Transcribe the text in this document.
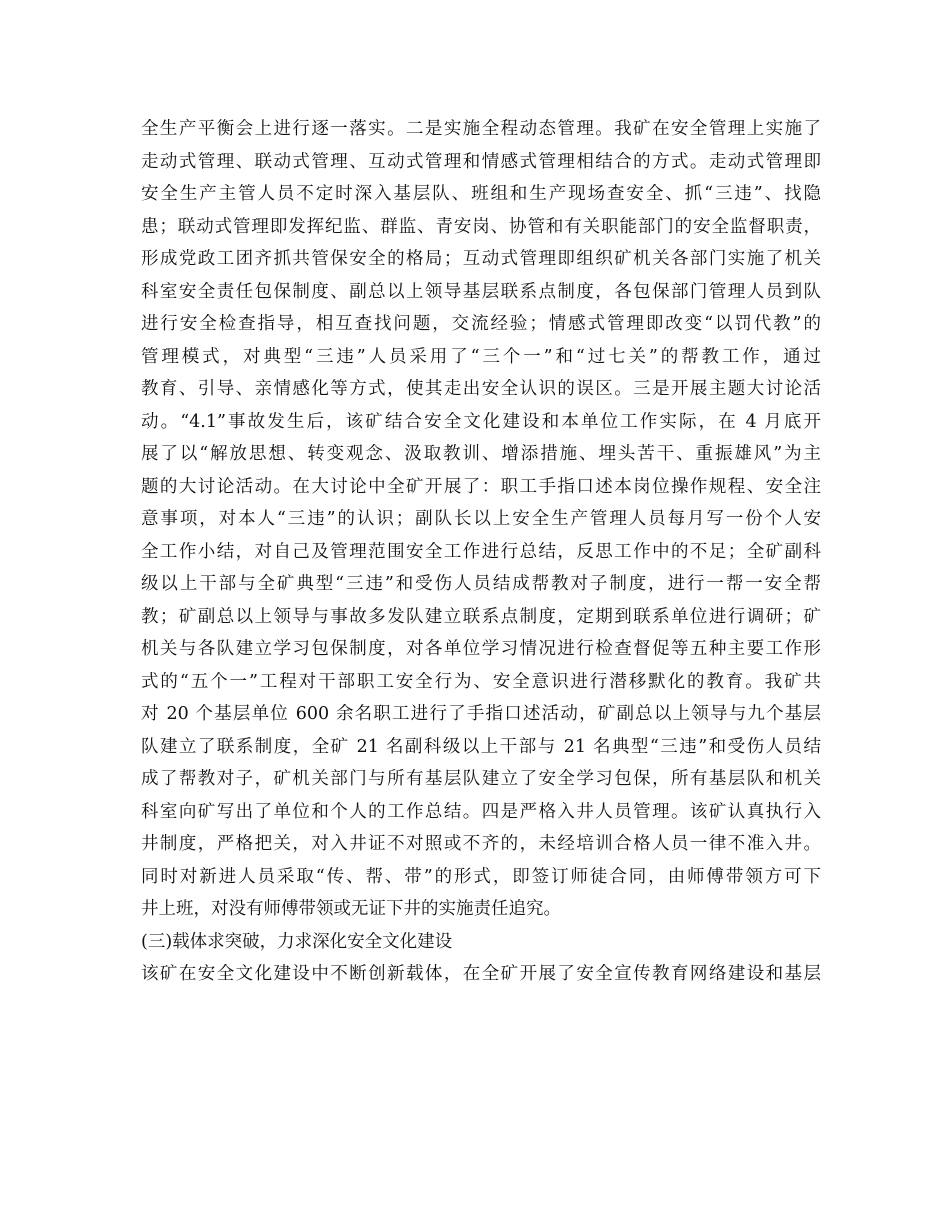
全生产平衡会上进行逐一落实。二是实施全程动态管理。我矿在安全管理上实施了
走动式管理、联动式管理、互动式管理和情感式管理相结合的方式。走动式管理即
安全生产主管人员不定时深入基层队、班组和生产现场查安全、抓“三违”、找隐
患；联动式管理即发挥纪监、群监、青安岗、协管和有关职能部门的安全监督职责，
形成党政工团齐抓共管保安全的格局；互动式管理即组织矿机关各部门实施了机关
科室安全责任包保制度、副总以上领导基层联系点制度，各包保部门管理人员到队
进行安全检查指导，相互查找问题，交流经验；情感式管理即改变“以罚代教”的
管理模式，对典型“三违”人员采用了“三个一”和“过七关”的帮教工作，通过
教育、引导、亲情感化等方式，使其走出安全认识的误区。三是开展主题大讨论活
动。“4.1”事故发生后，该矿结合安全文化建设和本单位工作实际，在 4 月底开
展了以“解放思想、转变观念、汲取教训、增添措施、埋头苦干、重振雄风”为主
题的大讨论活动。在大讨论中全矿开展了：职工手指口述本岗位操作规程、安全注
意事项，对本人“三违”的认识；副队长以上安全生产管理人员每月写一份个人安
全工作小结，对自己及管理范围安全工作进行总结，反思工作中的不足；全矿副科
级以上干部与全矿典型“三违”和受伤人员结成帮教对子制度，进行一帮一安全帮
教；矿副总以上领导与事故多发队建立联系点制度，定期到联系单位进行调研；矿
机关与各队建立学习包保制度，对各单位学习情况进行检查督促等五种主要工作形
式的“五个一”工程对干部职工安全行为、安全意识进行潜移默化的教育。我矿共
对 20 个基层单位 600 余名职工进行了手指口述活动，矿副总以上领导与九个基层
队建立了联系制度，全矿 21 名副科级以上干部与 21 名典型“三违”和受伤人员结
成了帮教对子，矿机关部门与所有基层队建立了安全学习包保，所有基层队和机关
科室向矿写出了单位和个人的工作总结。四是严格入井人员管理。该矿认真执行入
井制度，严格把关，对入井证不对照或不齐的，未经培训合格人员一律不准入井。
同时对新进人员采取“传、帮、带”的形式，即签订师徒合同，由师傅带领方可下
井上班，对没有师傅带领或无证下井的实施责任追究。
(三)载体求突破，力求深化安全文化建设
该矿在安全文化建设中不断创新载体，在全矿开展了安全宣传教育网络建设和基层
